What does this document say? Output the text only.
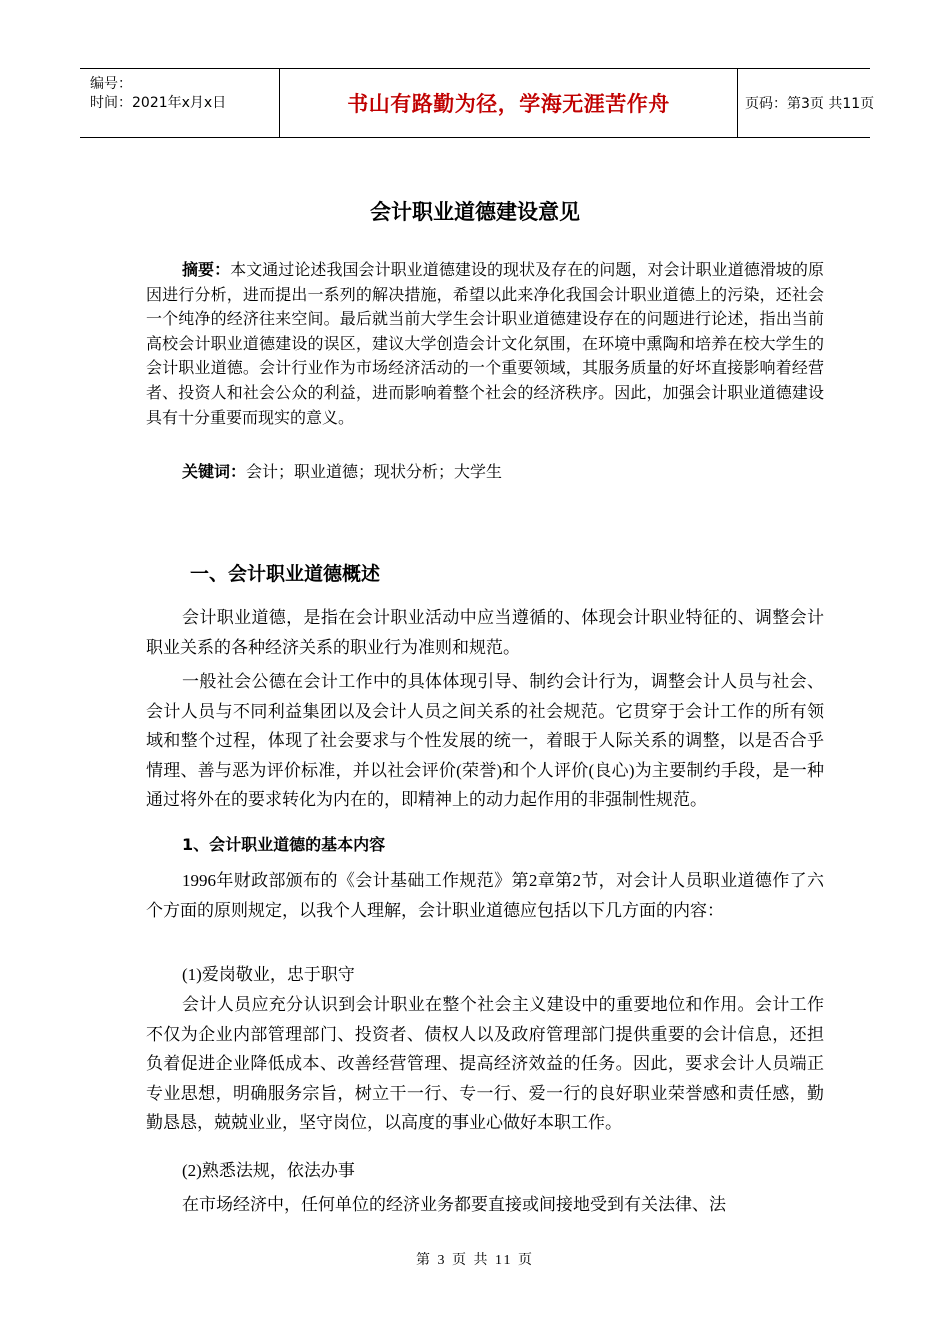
编号：
时间：2021年x月x日	书山有路勤为径，学海无涯苦作舟	页码：第3页 共11页
会计职业道德建设意见

摘要：本文通过论述我国会计职业道德建设的现状及存在的问题，对会计职业道德滑坡的原因进行分析，进而提出一系列的解决措施，希望以此来净化我国会计职业道德上的污染，还社会一个纯净的经济往来空间。最后就当前大学生会计职业道德建设存在的问题进行论述，指出当前高校会计职业道德建设的误区，建议大学创造会计文化氛围，在环境中熏陶和培养在校大学生的会计职业道德。会计行业作为市场经济活动的一个重要领域，其服务质量的好坏直接影响着经营者、投资人和社会公众的利益，进而影响着整个社会的经济秩序。因此，加强会计职业道德建设具有十分重要而现实的意义。

关键词：会计；职业道德；现状分析；大学生
一、会计职业道德概述

会计职业道德，是指在会计职业活动中应当遵循的、体现会计职业特征的、调整会计职业关系的各种经济关系的职业行为准则和规范。

一般社会公德在会计工作中的具体体现引导、制约会计行为，调整会计人员与社会、会计人员与不同利益集团以及会计人员之间关系的社会规范。它贯穿于会计工作的所有领域和整个过程，体现了社会要求与个性发展的统一，着眼于人际关系的调整，以是否合乎情理、善与恶为评价标准，并以社会评价(荣誉)和个人评价(良心)为主要制约手段，是一种通过将外在的要求转化为内在的，即精神上的动力起作用的非强制性规范。

1、会计职业道德的基本内容

1996年财政部颁布的《会计基础工作规范》第2章第2节，对会计人员职业道德作了六个方面的原则规定，以我个人理解，会计职业道德应包括以下几方面的内容：

(1)爱岗敬业，忠于职守

会计人员应充分认识到会计职业在整个社会主义建设中的重要地位和作用。会计工作不仅为企业内部管理部门、投资者、债权人以及政府管理部门提供重要的会计信息，还担负着促进企业降低成本、改善经营管理、提高经济效益的任务。因此，要求会计人员端正专业思想，明确服务宗旨，树立干一行、专一行、爱一行的良好职业荣誉感和责任感，勤勤恳恳，兢兢业业，坚守岗位，以高度的事业心做好本职工作。

(2)熟悉法规，依法办事

在市场经济中，任何单位的经济业务都要直接或间接地受到有关法律、法

第 3 页 共 11 页
